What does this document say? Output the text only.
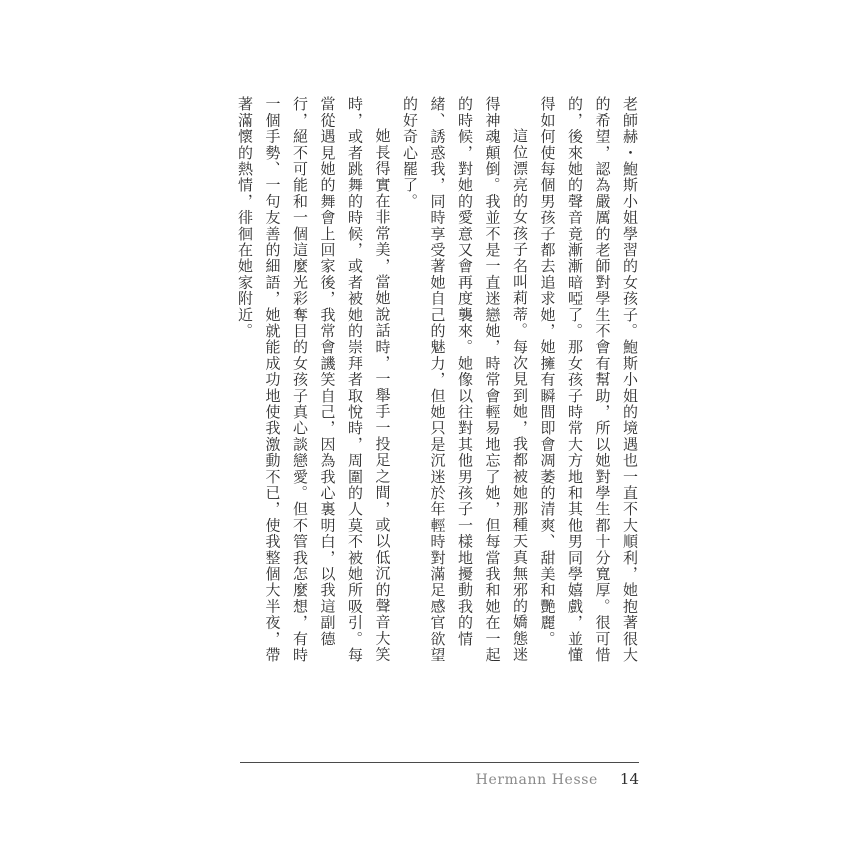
老師赫・鮑斯小姐學習的女孩子。鮑斯小姐的境遇也一直不大順利，她抱著很大的希望，認為嚴厲的老師對學生不會有幫助，所以她對學生都十分寬厚。很可惜的，後來她的聲音竟漸漸暗啞了。那女孩子時常大方地和其他男同學嬉戲，並懂得如何使每個男孩子都去追求她，她擁有瞬間即會凋萎的清爽、甜美和艷麗。

這位漂亮的女孩子名叫莉蒂。每次見到她，我都被她那種天真無邪的嬌態迷得神魂顛倒。我並不是一直迷戀她，時常會輕易地忘了她，但每當我和她在一起的時候，對她的愛意又會再度襲來。她像以往對其他男孩子一樣地擾動我的情緒、誘惑我，同時享受著她自己的魅力，但她只是沉迷於年輕時對滿足感官欲望的好奇心罷了。

她長得實在非常美，當她說話時，一舉手一投足之間，或以低沉的聲音大笑時，或者跳舞的時候，或者被她的崇拜者取悅時，周圍的人莫不被她所吸引。每當從遇見她的舞會上回家後，我常會譏笑自己，因為我心裏明白，以我這副德行，絕不可能和一個這麼光彩奪目的女孩子真心談戀愛。但不管我怎麼想，有時一個手勢、一句友善的細語，她就能成功地使我激動不已，使我整個大半夜，帶著滿懷的熱情，徘徊在她家附近。

Hermann Hesse 14
